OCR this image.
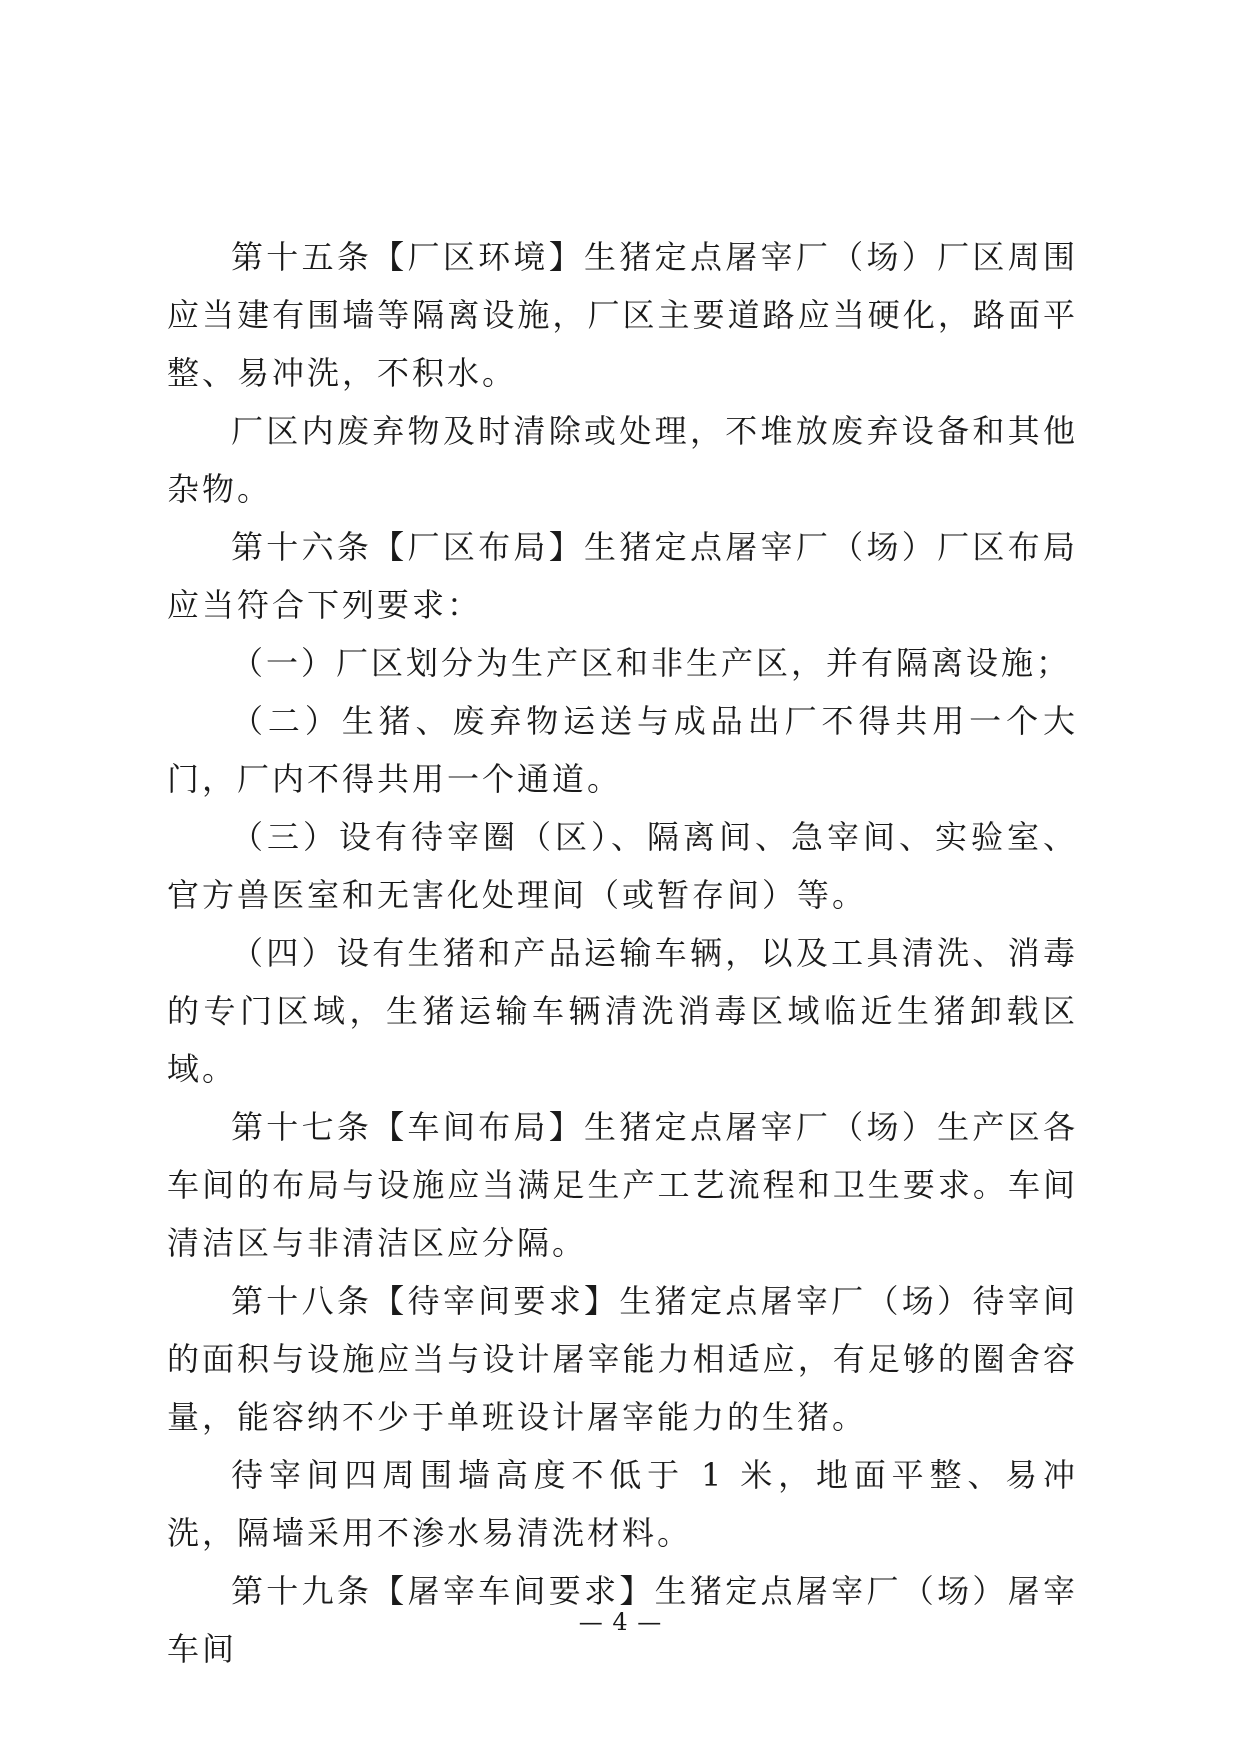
第十五条【厂区环境】生猪定点屠宰厂（场）厂区周围应当建有围墙等隔离设施，厂区主要道路应当硬化，路面平整、易冲洗，不积水。

厂区内废弃物及时清除或处理，不堆放废弃设备和其他杂物。

第十六条【厂区布局】生猪定点屠宰厂（场）厂区布局应当符合下列要求：

（一）厂区划分为生产区和非生产区，并有隔离设施；

（二）生猪、废弃物运送与成品出厂不得共用一个大门，厂内不得共用一个通道。

（三）设有待宰圈（区）、隔离间、急宰间、实验室、官方兽医室和无害化处理间（或暂存间）等。

（四）设有生猪和产品运输车辆，以及工具清洗、消毒的专门区域，生猪运输车辆清洗消毒区域临近生猪卸载区域。

第十七条【车间布局】生猪定点屠宰厂（场）生产区各车间的布局与设施应当满足生产工艺流程和卫生要求。车间清洁区与非清洁区应分隔。

第十八条【待宰间要求】生猪定点屠宰厂（场）待宰间的面积与设施应当与设计屠宰能力相适应，有足够的圈舍容量，能容纳不少于单班设计屠宰能力的生猪。

待宰间四周围墙高度不低于 1 米，地面平整、易冲洗，隔墙采用不渗水易清洗材料。

第十九条【屠宰车间要求】生猪定点屠宰厂（场）屠宰车间

— 4 —
